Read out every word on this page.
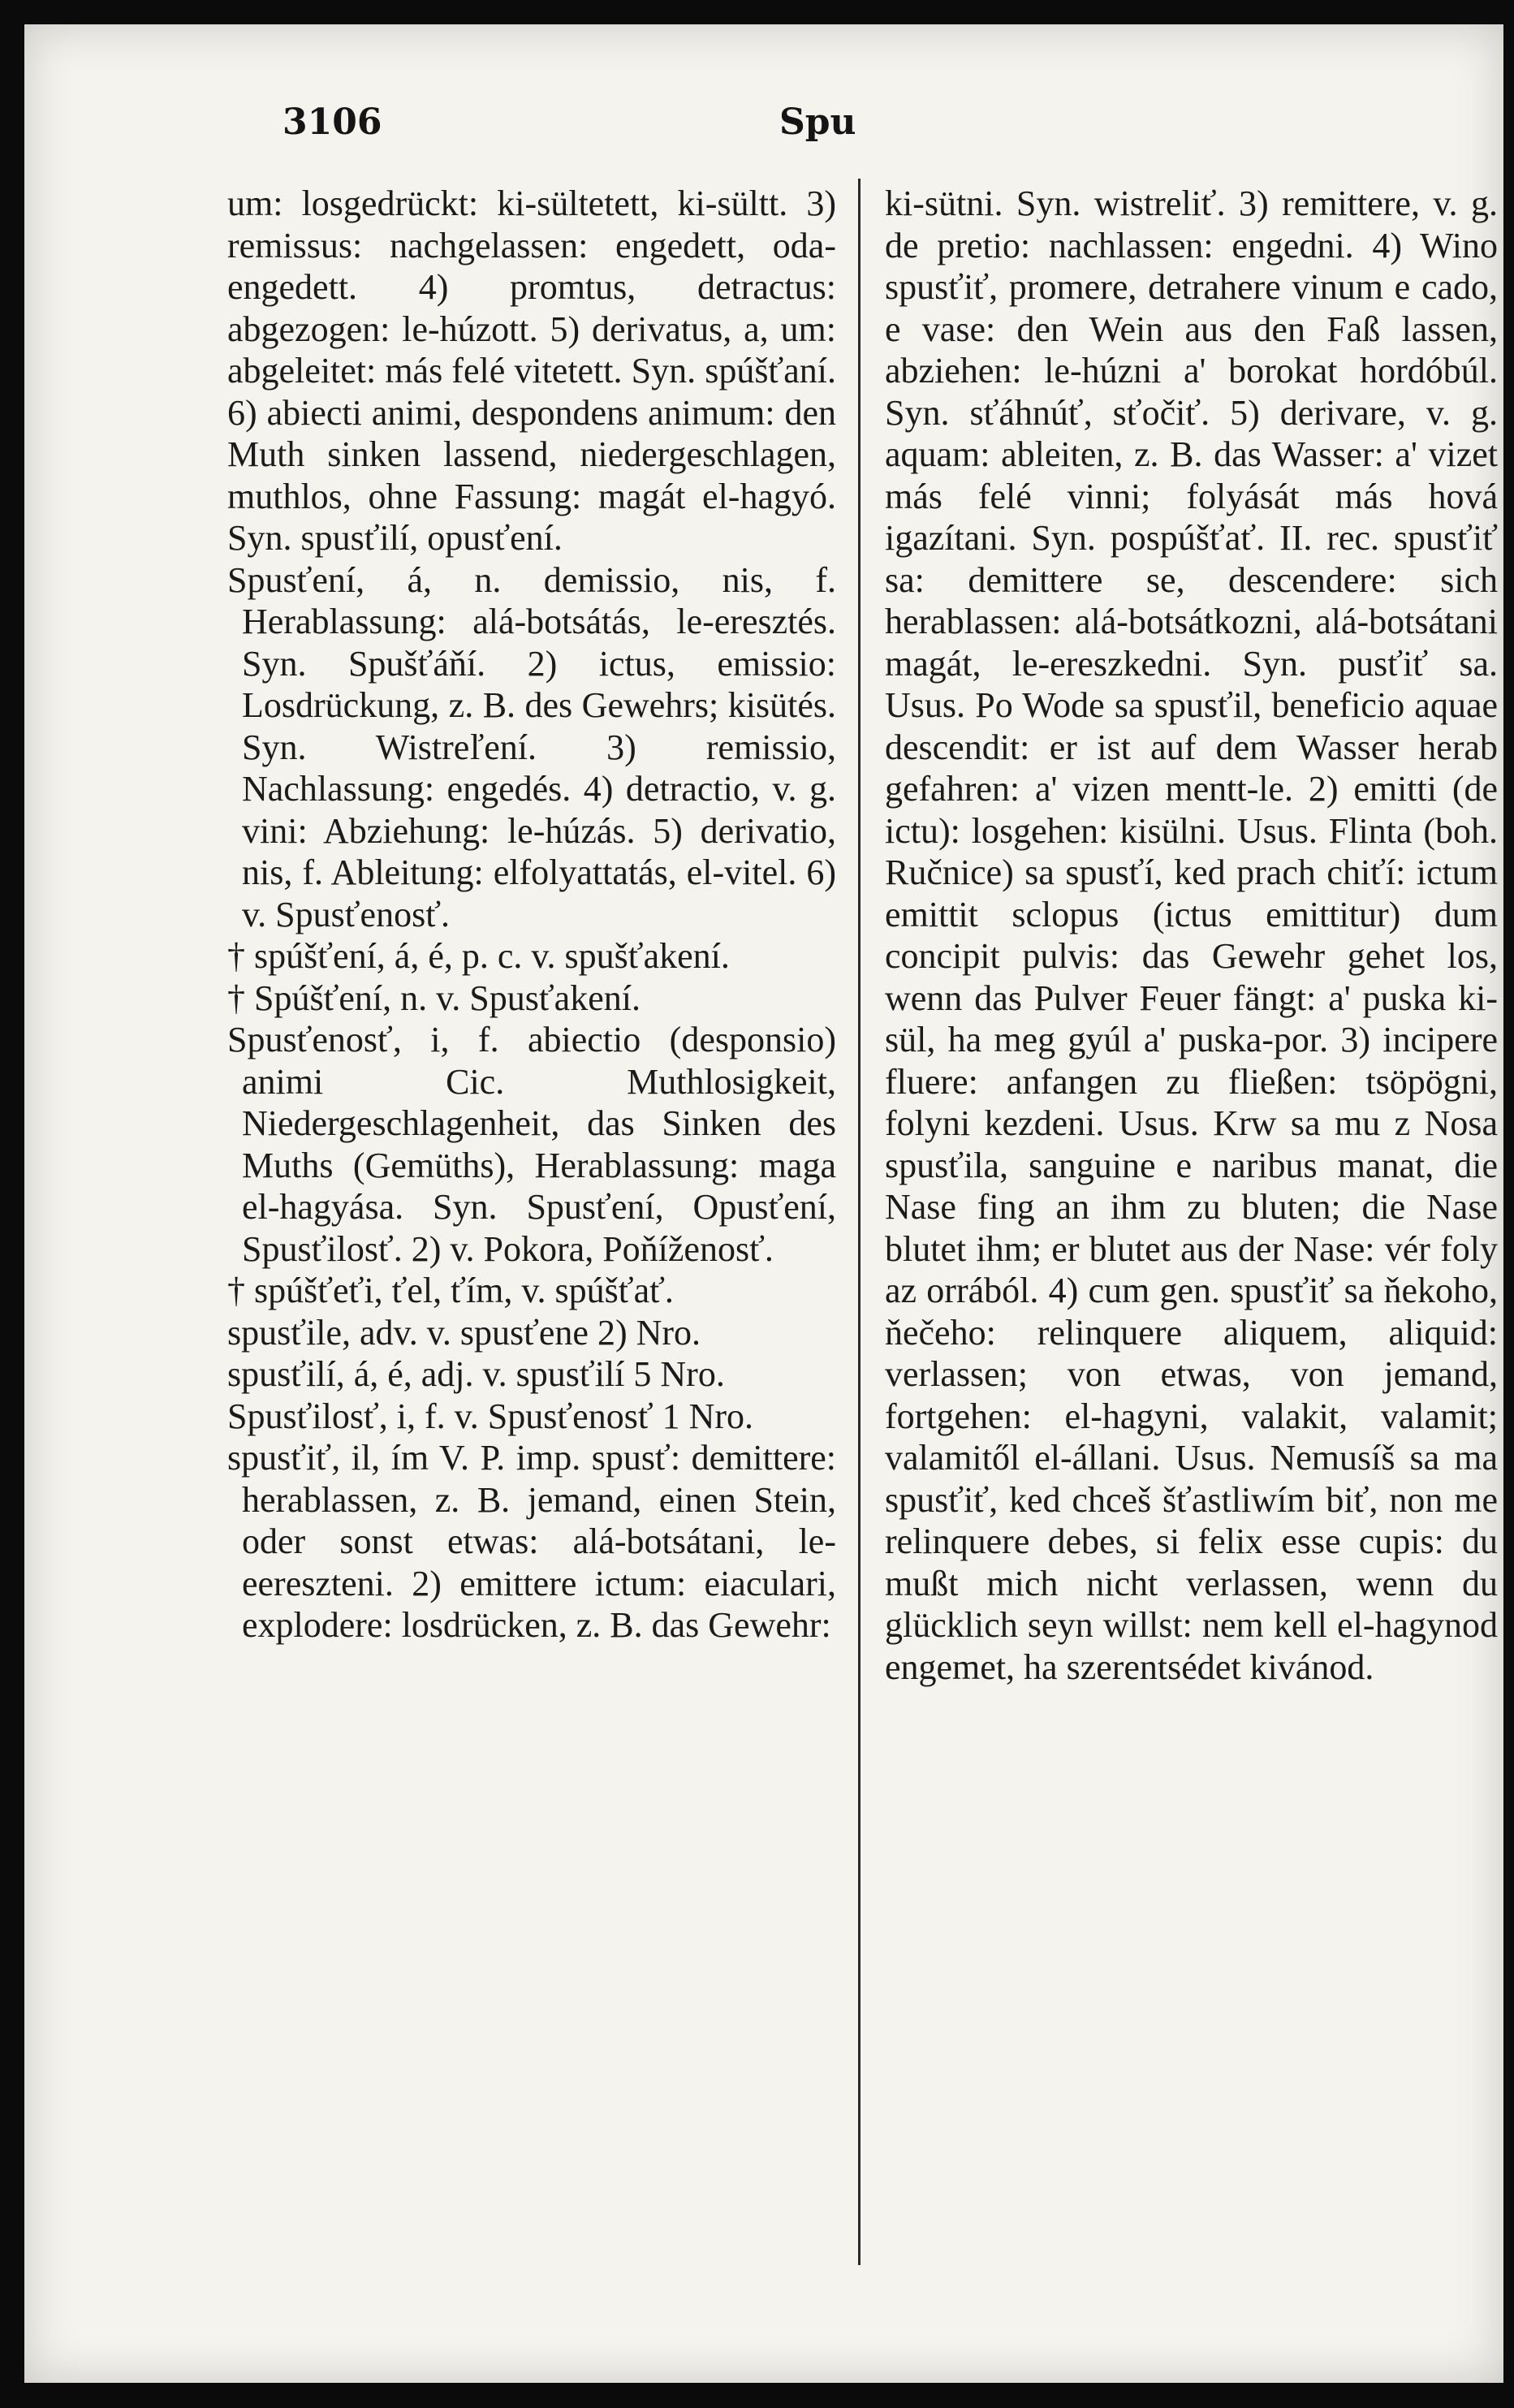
3106	Spu

um: losgedrückt: ki-sültetett, ki-sültt. 3) remissus: nachgelassen: engedett, oda-engedett. 4) promtus, detractus: abgezogen: le-húzott. 5) derivatus, a, um: abgeleitet: más felé vitetett. Syn. spúšťaní. 6) abiecti animi, despondens animum: den Muth sinken lassend, niedergeschlagen, muthlos, ohne Fassung: magát el-hagyó. Syn. spusťilí, opusťení.

Spusťení, á, n. demissio, nis, f. Herablassung: alá-botsátás, le-eresztés. Syn. Spušťáňí. 2) ictus, emissio: Losdrückung, z. B. des Gewehrs; kisütés. Syn. Wistreľení. 3) remissio, Nachlassung: engedés. 4) detractio, v. g. vini: Abziehung: le-húzás. 5) derivatio, nis, f. Ableitung: elfolyattatás, el-vitel. 6) v. Spusťenosť.

† spúšťení, á, é, p. c. v. spušťakení.

† Spúšťení, n. v. Spusťakení.

Spusťenosť, i, f. abiectio (desponsio) animi Cic. Muthlosigkeit, Niedergeschlagenheit, das Sinken des Muths (Gemüths), Herablassung: maga el-hagyása. Syn. Spusťení, Opusťení, Spusťilosť. 2) v. Pokora, Poňíženosť.

† spúšťeťi, ťel, ťím, v. spúšťať.

spusťile, adv. v. spusťene 2) Nro.

spusťilí, á, é, adj. v. spusťilí 5 Nro.

Spusťilosť, i, f. v. Spusťenosť 1 Nro.

spusťiť, il, ím V. P. imp. spusť: demittere: herablassen, z. B. jemand, einen Stein, oder sonst etwas: alá-botsátani, le-eereszteni. 2) emittere ictum: eiaculari, explodere: losdrücken, z. B. das Gewehr:

ki-sütni. Syn. wistreliť. 3) remittere, v. g. de pretio: nachlassen: engedni. 4) Wino spusťiť, promere, detrahere vinum e cado, e vase: den Wein aus den Faß lassen, abziehen: le-húzni a' borokat hordóbúl. Syn. sťáhnúť, sťočiť. 5) derivare, v. g. aquam: ableiten, z. B. das Wasser: a' vizet más felé vinni; folyását más hová igazítani. Syn. pospúšťať. II. rec. spusťiť sa: demittere se, descendere: sich herablassen: alá-botsátkozni, alá-botsátani magát, le-ereszkedni. Syn. pusťiť sa. Usus. Po Wode sa spusťil, beneficio aquae descendit: er ist auf dem Wasser herab gefahren: a' vizen mentt-le. 2) emitti (de ictu): losgehen: kisülni. Usus. Flinta (boh. Ručnice) sa spusťí, ked prach chiťí: ictum emittit sclopus (ictus emittitur) dum concipit pulvis: das Gewehr gehet los, wenn das Pulver Feuer fängt: a' puska ki-sül, ha meg gyúl a' puska-por. 3) incipere fluere: anfangen zu fließen: tsöpögni, folyni kezdeni. Usus. Krw sa mu z Nosa spusťila, sanguine e naribus manat, die Nase fing an ihm zu bluten; die Nase blutet ihm; er blutet aus der Nase: vér foly az orrából. 4) cum gen. spusťiť sa ňekoho, ňečeho: relinquere aliquem, aliquid: verlassen; von etwas, von jemand, fortgehen: el-hagyni, valakit, valamit; valamitől el-állani. Usus. Nemusíš sa ma spusťiť, ked chceš šťastliwím biť, non me relinquere debes, si felix esse cupis: du mußt mich nicht verlassen, wenn du glücklich seyn willst: nem kell el-hagynod engemet, ha szerentsédet kivánod.
